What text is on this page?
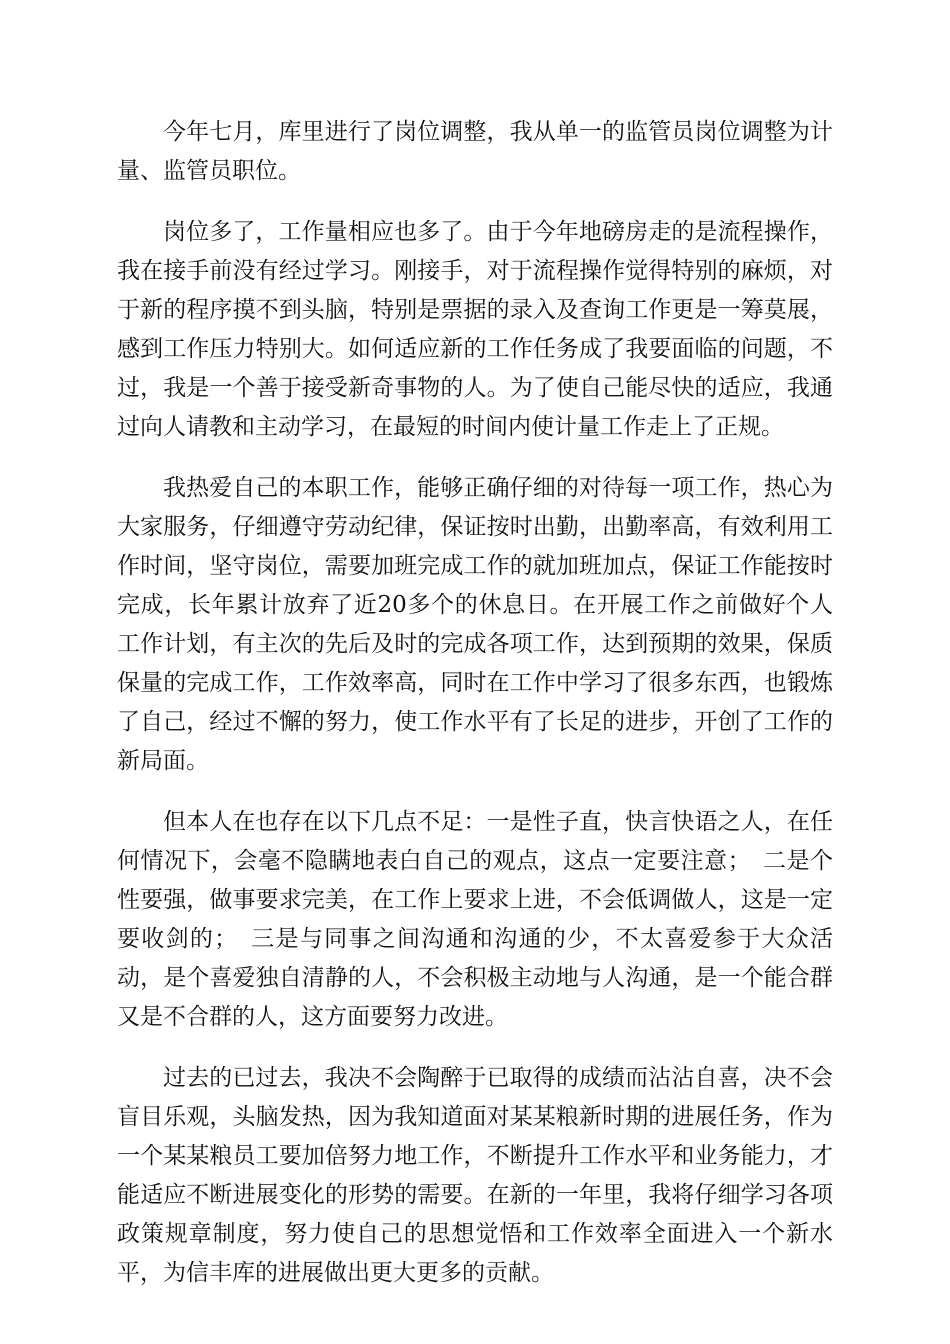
今年七月，库里进行了岗位调整，我从单一的监管员岗位调整为计量、监管员职位。

岗位多了，工作量相应也多了。由于今年地磅房走的是流程操作，我在接手前没有经过学习。刚接手，对于流程操作觉得特别的麻烦，对于新的程序摸不到头脑，特别是票据的录入及查询工作更是一筹莫展，感到工作压力特别大。如何适应新的工作任务成了我要面临的问题，不过，我是一个善于接受新奇事物的人。为了使自己能尽快的适应，我通过向人请教和主动学习，在最短的时间内使计量工作走上了正规。

我热爱自己的本职工作，能够正确仔细的对待每一项工作，热心为大家服务，仔细遵守劳动纪律，保证按时出勤，出勤率高，有效利用工作时间，坚守岗位，需要加班完成工作的就加班加点，保证工作能按时完成，长年累计放弃了近20多个的休息日。在开展工作之前做好个人工作计划，有主次的先后及时的完成各项工作，达到预期的效果，保质保量的完成工作，工作效率高，同时在工作中学习了很多东西，也锻炼了自己，经过不懈的努力，使工作水平有了长足的进步，开创了工作的新局面。

但本人在也存在以下几点不足：一是性子直，快言快语之人，在任何情况下，会毫不隐瞒地表白自己的观点，这点一定要注意；　二是个性要强，做事要求完美，在工作上要求上进，不会低调做人，这是一定要收剑的；　三是与同事之间沟通和沟通的少，不太喜爱参于大众活动，是个喜爱独自清静的人，不会积极主动地与人沟通，是一个能合群又是不合群的人，这方面要努力改进。

过去的已过去，我决不会陶醉于已取得的成绩而沾沾自喜，决不会盲目乐观，头脑发热，因为我知道面对某某粮新时期的进展任务，作为一个某某粮员工要加倍努力地工作，不断提升工作水平和业务能力，才能适应不断进展变化的形势的需要。在新的一年里，我将仔细学习各项政策规章制度，努力使自己的思想觉悟和工作效率全面进入一个新水平，为信丰库的进展做出更大更多的贡献。
